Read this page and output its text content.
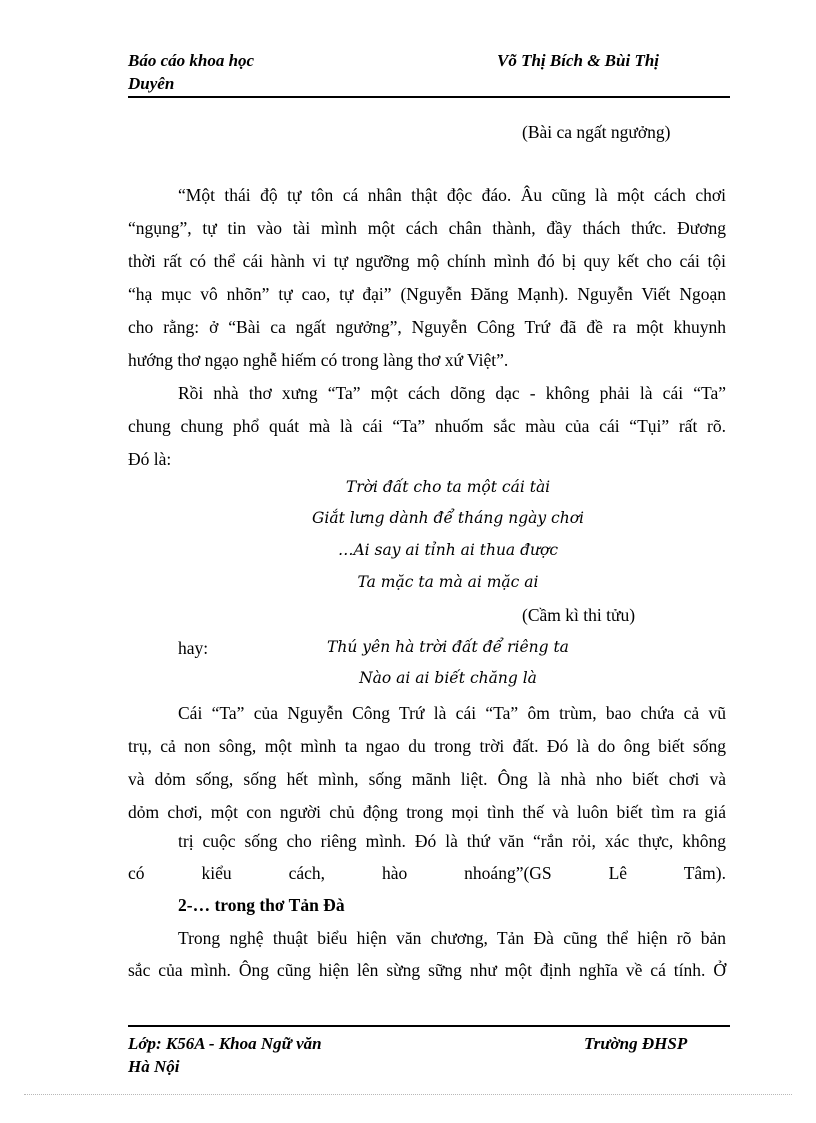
Báo cáo khoa học	Võ Thị Bích & Bùi Thị
Duyên
(Bài ca ngất ngưởng)
“Một thái độ tự tôn cá nhân thật độc đáo. Âu cũng là một cách chơi
“ngụng”, tự tin vào tài mình một cách chân thành, đầy thách thức. Đương
thời rất có thể cái hành vi tự ngưỡng mộ chính mình đó bị quy kết cho cái tội
“hạ mục vô nhõn” tự cao, tự đại” (Nguyễn Đăng Mạnh). Nguyễn Viết Ngoạn
cho rằng: ở “Bài ca ngất ngưởng”, Nguyễn Công Trứ đã đề ra một khuynh
hướng thơ ngạo nghễ hiếm có trong làng thơ xứ Việt”.
Rồi nhà thơ xưng “Ta” một cách dõng dạc - không phải là cái “Ta”
chung chung phổ quát mà là cái “Ta” nhuốm sắc màu của cái “Tụi” rất rõ.
Đó là:
Trời đất cho ta một cái tài
Giắt lưng dành để tháng ngày chơi
…Ai say ai tỉnh ai thua được
Ta mặc ta mà ai mặc ai
(Cầm kì thi tửu)
hay:	Thú yên hà trời đất để riêng ta
Nào ai ai biết chăng là
Cái “Ta” của Nguyễn Công Trứ là cái “Ta” ôm trùm, bao chứa cả vũ
trụ, cả non sông, một mình ta ngao du trong trời đất. Đó là do ông biết sống
và dỏm sống, sống hết mình, sống mãnh liệt. Ông là nhà nho biết chơi và
dỏm chơi, một con người chủ động trong mọi tình thế và luôn biết tìm ra giá
trị cuộc sống cho riêng mình. Đó là thứ văn “rắn rỏi, xác thực, không
có kiểu cách, hào nhoáng”(GS Lê Tâm).
2-… trong thơ Tản Đà
Trong nghệ thuật biểu hiện văn chương, Tản Đà cũng thể hiện rõ bản
sắc của mình. Ông cũng hiện lên sừng sững như một định nghĩa về cá tính. Ở
Lớp: K56A - Khoa Ngữ văn	Trường ĐHSP
Hà Nội
